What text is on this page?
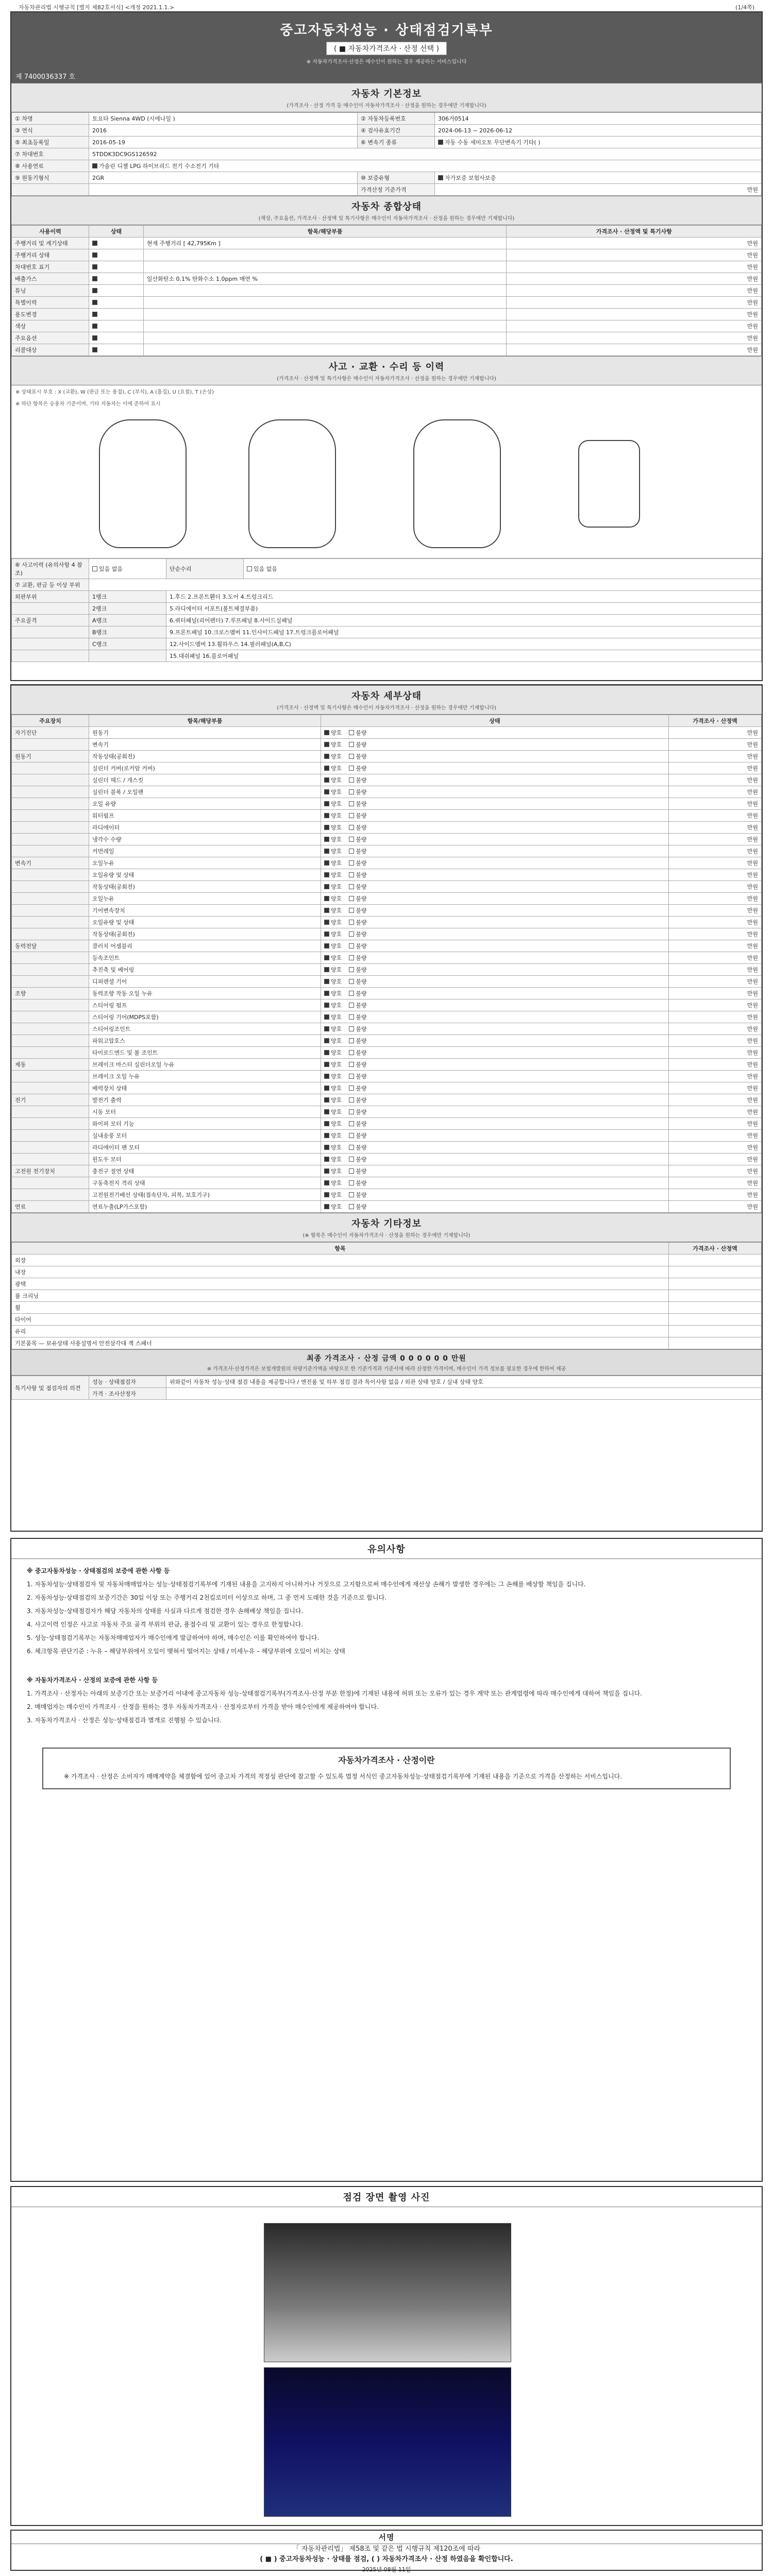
자동차관리법 시행규칙 [별지 제82호서식] <개정 2021.1.1.>	(1/4쪽)
중고자동차성능 · 상태점검기록부
( ■ 자동차가격조사 · 산정 선택 )
※ 자동차가격조사·산정은 매수인이 원하는 경우 제공하는 서비스입니다
제 7400036337 호
자동차 기본정보
(가격조사 · 산정 가격 등 매수인이 자동차가격조사 · 산정을 원하는 경우에만 기재합니다)
① 차명	토요타 Sienna 4WD (시에나일 )	② 자동차등록번호	306거0514
③ 연식	2016	④ 검사유효기간	2024-06-13 ~ 2026-06-12
⑤ 최초등록일	2016-05-19	⑥ 변속기 종류	자동 수동 세미오토 무단변속기 기타( )
⑦ 차대번호	5TDDK3DC9GS126592		
⑧ 사용연료	가솔린 디젤 LPG 하이브리드 전기 수소전기 기타		
⑨ 원동기형식	2GR	⑩ 보증유형	자가보증 보험사보증
		가격산정 기준가격	만원
자동차 종합상태
(색상, 주요옵션, 가격조사 · 산정액 및 특기사항은 매수인이 자동차가격조사 · 산정을 원하는 경우에만 기재합니다)
사용이력	상태	항목/해당부품	가격조사 · 산정액 및 특기사항
주행거리 및 계기상태		현재 주행거리 [ 42,795Km ]	만원
주행거리 상태			만원
차대번호 표기			만원
배출가스		일산화탄소 0.1% 탄화수소 1.0ppm 매연 %	만원
튜닝			만원
특별이력			만원
용도변경			만원
색상			만원
주요옵션			만원
리콜대상			만원
사고 · 교환 · 수리 등 이력
(가격조사 · 산정액 및 특기사항은 매수인이 자동차가격조사 · 산정을 원하는 경우에만 기재합니다)
※ 상태표시 부호 : X (교환), W (판금 또는 용접), C (부식), A (흠집), U (요철), T (손상)
※ 하단 항목은 승용차 기준이며, 기타 자동차는 이에 준하여 표시
⑥ 사고이력 (유의사항 4 참조)	있음 없음	단순수리	있음 없음
⑦ 교환, 판금 등 이상 부위			
외판부위	1랭크	1.후드 2.프론트휀더 3.도어 4.트렁크리드	
	2랭크	5.라디에이터 서포트(볼트체결부품)	
주요골격	A랭크	6.쿼터패널(리어펜더) 7.루프패널 8.사이드실패널	
	B랭크	9.프론트패널 10.크로스멤버 11.인사이드패널 17.트렁크플로어패널	
	C랭크	12.사이드멤버 13.휠하우스 14.필러패널(A,B,C)	
		15.대쉬패널 16.플로어패널	
자동차 세부상태
(가격조사 · 산정액 및 특기사항은 매수인이 자동차가격조사 · 산정을 원하는 경우에만 기재합니다)
주요장치	항목/해당부품	상태	가격조사 · 산정액
자기진단	원동기	양호 불량	만원
	변속기	양호 불량	만원
원동기	작동상태(공회전)	양호 불량	만원
	실린더 커버(로커암 커버)	양호 불량	만원
	실린더 헤드 / 개스킷	양호 불량	만원
	실린더 블록 / 오일팬	양호 불량	만원
	오일 유량	양호 불량	만원
	워터펌프	양호 불량	만원
	라디에이터	양호 불량	만원
	냉각수 수량	양호 불량	만원
	커먼레일	양호 불량	만원
변속기	오일누유	양호 불량	만원
	오일유량 및 상태	양호 불량	만원
	작동상태(공회전)	양호 불량	만원
	오일누유	양호 불량	만원
	기어변속장치	양호 불량	만원
	오일유량 및 상태	양호 불량	만원
	작동상태(공회전)	양호 불량	만원
동력전달	클러치 어셈블리	양호 불량	만원
	등속조인트	양호 불량	만원
	추진축 및 베어링	양호 불량	만원
	디퍼렌셜 기어	양호 불량	만원
조향	동력조향 작동 오일 누유	양호 불량	만원
	스티어링 펌프	양호 불량	만원
	스티어링 기어(MDPS포함)	양호 불량	만원
	스티어링조인트	양호 불량	만원
	파워고압호스	양호 불량	만원
	타이로드엔드 및 볼 조인트	양호 불량	만원
제동	브레이크 마스터 실린더오일 누유	양호 불량	만원
	브레이크 오일 누유	양호 불량	만원
	배력장치 상태	양호 불량	만원
전기	발전기 출력	양호 불량	만원
	시동 모터	양호 불량	만원
	와이퍼 모터 기능	양호 불량	만원
	실내송풍 모터	양호 불량	만원
	라디에이터 팬 모터	양호 불량	만원
	윈도우 모터	양호 불량	만원
고전원 전기장치	충전구 절연 상태	양호 불량	만원
	구동축전지 격리 상태	양호 불량	만원
	고전원전기배선 상태(접속단자, 피복, 보호기구)	양호 불량	만원
연료	연료누출(LP가스포함)	양호 불량	만원
자동차 기타정보
(※ 항목은 매수인이 자동차가격조사 · 산정을 원하는 경우에만 기재합니다)
항목	가격조사 · 산정액
외장	
내장	
광택	
룸 크리닝	
휠	
타이어	
유리	
기본품목 — 보유상태 사용설명서 안전삼각대 잭 스패너	
최종 가격조사 · 산정 금액 0 0 0 0 0 0 만원
※ 가격조사·산정가격은 보험개발원의 차량기준가액을 바탕으로 한 기준가격과 기준서에 따라 산정한 가격이며, 매수인이 가격 정보를 필요한 경우에 한하여 제공
특기사항 및 점검자의 의견	성능 · 상태점검자	위와같이 자동차 성능·상태 점검 내용을 제공합니다 / 엔진룸 및 하부 점검 결과 특이사항 없음 / 외관 상태 양호 / 실내 상태 양호
	가격 · 조사산정자	
유의사항
※ 중고자동차성능 · 상태점검의 보증에 관한 사항 등
1. 자동차성능·상태점검자 및 자동차매매업자는 성능·상태점검기록부에 기재된 내용을 고지하지 아니하거나 거짓으로 고지함으로써 매수인에게 재산상 손해가 발생한 경우에는 그 손해를 배상할 책임을 집니다.
2. 자동차성능·상태점검의 보증기간은 30일 이상 또는 주행거리 2천킬로미터 이상으로 하며, 그 중 먼저 도래한 것을 기준으로 합니다.
3. 자동차성능·상태점검자가 해당 자동차의 상태를 사실과 다르게 점검한 경우 손해배상 책임을 집니다.
4. 사고이력 인정은 사고로 자동차 주요 골격 부위의 판금, 용접수리 및 교환이 있는 경우로 한정합니다.
5. 성능·상태점검기록부는 자동차매매업자가 매수인에게 발급하여야 하며, 매수인은 이를 확인하여야 합니다.
6. 체크항목 판단기준 : 누유 – 해당부위에서 오일이 맺혀서 떨어지는 상태 / 미세누유 – 해당부위에 오일이 비치는 상태
※ 자동차가격조사 · 산정의 보증에 관한 사항 등
1. 가격조사 · 산정자는 아래의 보증기간 또는 보증거리 이내에 중고자동차 성능·상태점검기록부(가격조사·산정 부분 한정)에 기재된 내용에 허위 또는 오류가 있는 경우 계약 또는 관계법령에 따라 매수인에게 대하여 책임을 집니다.
2. 매매업자는 매수인이 가격조사 · 산정을 원하는 경우 자동차가격조사 · 산정자로부터 가격을 받아 매수인에게 제공하여야 합니다.
3. 자동차가격조사 · 산정은 성능·상태점검과 별개로 진행될 수 있습니다.
자동차가격조사 · 산정이란
※ 가격조사 · 산정은 소비자가 매매계약을 체결함에 있어 중고차 가격의 적정성 판단에 참고할 수 있도록 법정 서식인 중고자동차성능·상태점검기록부에 기재된 내용을 기준으로 가격을 산정하는 서비스입니다.
점검 장면 촬영 사진
서명
「 자동차관리법」 제58조 및 같은 법 시행규칙 제120조에 따라
( ■ ) 중고자동차성능 · 상태를 점검, ( ) 자동차가격조사 · 산정 하였음을 확인합니다.
2025년 08월 11일
